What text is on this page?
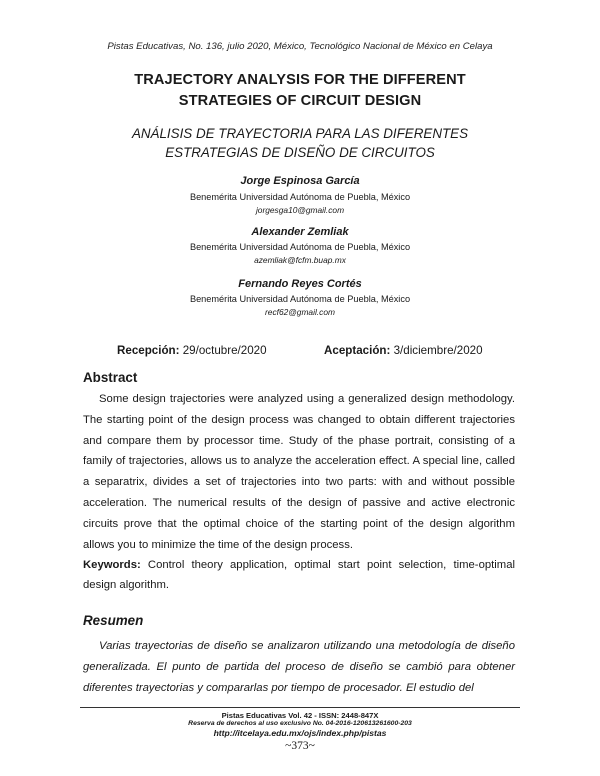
Pistas Educativas, No. 136, julio 2020, México, Tecnológico Nacional de México en Celaya
TRAJECTORY ANALYSIS FOR THE DIFFERENT
STRATEGIES OF CIRCUIT DESIGN
ANÁLISIS DE TRAYECTORIA PARA LAS DIFERENTES
ESTRATEGIAS DE DISEÑO DE CIRCUITOS
Jorge Espinosa García
Benemérita Universidad Autónoma de Puebla, México
jorgesga10@gmail.com
Alexander Zemliak
Benemérita Universidad Autónoma de Puebla, México
azemliak@fcfm.buap.mx
Fernando Reyes Cortés
Benemérita Universidad Autónoma de Puebla, México
recf62@gmail.com
Recepción: 29/octubre/2020	Aceptación: 3/diciembre/2020
Abstract

Some design trajectories were analyzed using a generalized design methodology. The starting point of the design process was changed to obtain different trajectories and compare them by processor time. Study of the phase portrait, consisting of a family of trajectories, allows us to analyze the acceleration effect. A special line, called a separatrix, divides a set of trajectories into two parts: with and without possible acceleration. The numerical results of the design of passive and active electronic circuits prove that the optimal choice of the starting point of the design algorithm allows you to minimize the time of the design process.

Keywords: Control theory application, optimal start point selection, time-optimal design algorithm.
Resumen

Varias trayectorias de diseño se analizaron utilizando una metodología de diseño generalizada. El punto de partida del proceso de diseño se cambió para obtener diferentes trayectorias y compararlas por tiempo de procesador. El estudio del

Pistas Educativas Vol. 42 - ISSN: 2448-847X
Reserva de derechos al uso exclusivo No. 04-2016-120613261600-203
http://itcelaya.edu.mx/ojs/index.php/pistas
~373~
